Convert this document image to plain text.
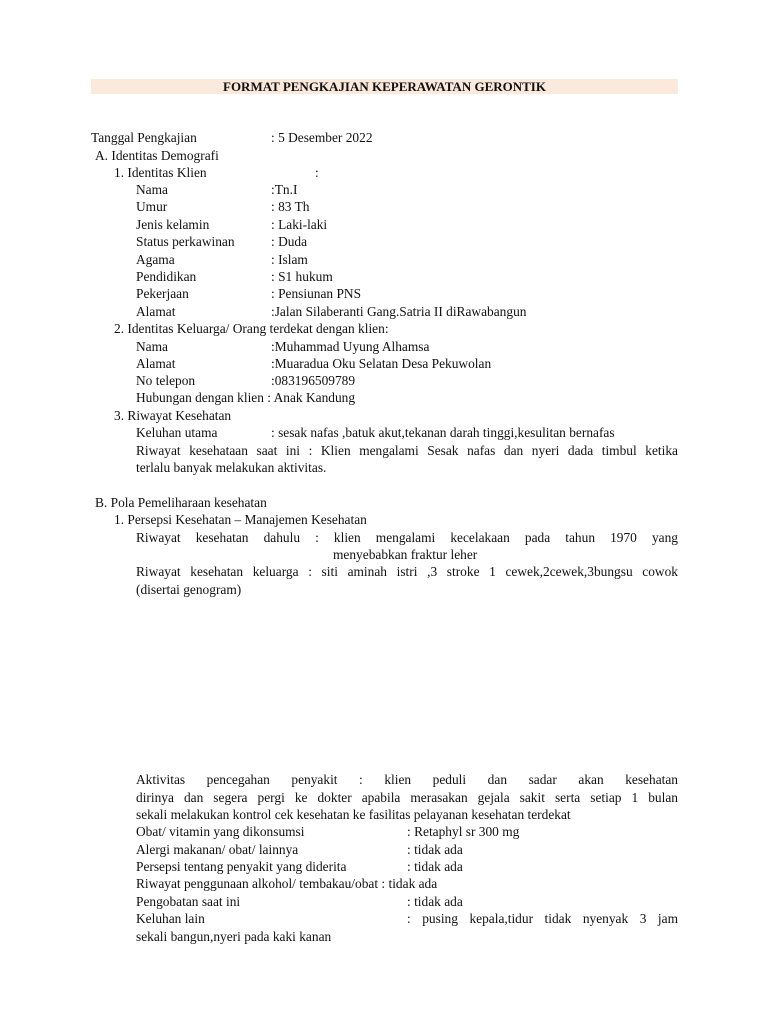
FORMAT PENGKAJIAN KEPERAWATAN GERONTIK
Tanggal Pengkajian	: 5 Desember 2022
A. Identitas Demografi
1. Identitas Klien	:
Nama	:Tn.I
Umur	: 83 Th
Jenis kelamin	: Laki-laki
Status perkawinan	: Duda
Agama	: Islam
Pendidikan	: S1 hukum
Pekerjaan	: Pensiunan PNS
Alamat	:Jalan Silaberanti Gang.Satria II diRawabangun
2. Identitas Keluarga/ Orang terdekat dengan klien:
Nama	:Muhammad Uyung Alhamsa
Alamat	:Muaradua Oku Selatan Desa Pekuwolan
No telepon	:083196509789
Hubungan dengan klien : Anak Kandung
3. Riwayat Kesehatan
Keluhan utama	: sesak nafas ,batuk akut,tekanan darah tinggi,kesulitan bernafas
Riwayat kesehataan saat ini : Klien mengalami Sesak nafas dan nyeri dada timbul ketika
terlalu banyak melakukan aktivitas.
B. Pola Pemeliharaan kesehatan
1. Persepsi Kesehatan – Manajemen Kesehatan
Riwayat kesehatan dahulu : klien mengalami kecelakaan pada tahun 1970 yang
menyebabkan fraktur leher
Riwayat kesehatan keluarga : siti aminah istri ,3 stroke 1 cewek,2cewek,3bungsu cowok
(disertai genogram)
Aktivitas pencegahan penyakit : klien peduli dan sadar akan kesehatan
dirinya dan segera pergi ke dokter apabila merasakan gejala sakit serta setiap 1 bulan
sekali melakukan kontrol cek kesehatan ke fasilitas pelayanan kesehatan terdekat
Obat/ vitamin yang dikonsumsi	: Retaphyl sr 300 mg
Alergi makanan/ obat/ lainnya	: tidak ada
Persepsi tentang penyakit yang diderita	: tidak ada
Riwayat penggunaan alkohol/ tembakau/obat : tidak ada
Pengobatan saat ini	: tidak ada
Keluhan lain	: pusing kepala,tidur tidak nyenyak 3 jam
sekali bangun,nyeri pada kaki kanan
